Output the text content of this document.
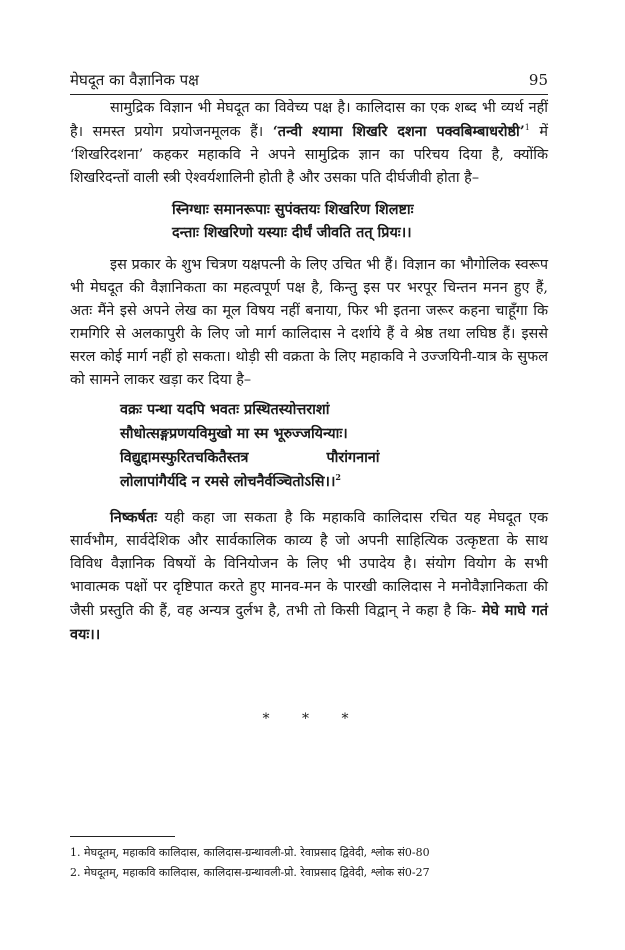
मेघदूत का वैज्ञानिक पक्ष	95

सामुद्रिक विज्ञान भी मेघदूत का विवेच्य पक्ष है। कालिदास का एक शब्द भी व्यर्थ नहीं है। समस्त प्रयोग प्रयोजनमूलक हैं। ‘तन्वी श्यामा शिखरि दशना पक्वबिम्बाधरोष्ठी’$^1$ में ‘शिखरिदशना’ कहकर महाकवि ने अपने सामुद्रिक ज्ञान का परिचय दिया है, क्योंकि शिखरिदन्तों वाली स्त्री ऐश्वर्यशालिनी होती है और उसका पति दीर्घजीवी होता है–

स्निग्धाः समानरूपाः सुपंक्तयः शिखरिण शिलष्टाः
दन्ताः शिखरिणो यस्याः दीर्घं जीवति तत् प्रियः।।

इस प्रकार के शुभ चित्रण यक्षपत्नी के लिए उचित भी हैं। विज्ञान का भौगोलिक स्वरूप भी मेघदूत की वैज्ञानिकता का महत्वपूर्ण पक्ष है, किन्तु इस पर भरपूर चिन्तन मनन हुए हैं, अतः मैंने इसे अपने लेख का मूल विषय नहीं बनाया, फिर भी इतना जरूर कहना चाहूँगा कि रामगिरि से अलकापुरी के लिए जो मार्ग कालिदास ने दर्शाये हैं वे श्रेष्ठ तथा लघिष्ठ हैं। इससे सरल कोई मार्ग नहीं हो सकता। थोड़ी सी वक्रता के लिए महाकवि ने उज्जयिनी-यात्र के सुफल को सामने लाकर खड़ा कर दिया है–

वक्रः पन्था यदपि भवतः प्रस्थितस्योत्तराशां
सौधोत्सङ्गप्रणयविमुखो मा स्म भूरुज्जयिन्याः।
विद्युद्दामस्फुरितचकितैस्तत्र	पौरांगनानां
लोलापांगैर्यदि न रमसे लोचनैर्वञ्चितोऽसि।।$^2$

निष्कर्षतः यही कहा जा सकता है कि महाकवि कालिदास रचित यह मेघदूत एक सार्वभौम, सार्वदेशिक और सार्वकालिक काव्य है जो अपनी साहित्यिक उत्कृष्टता के साथ विविध वैज्ञानिक विषयों के विनियोजन के लिए भी उपादेय है। संयोग वियोग के सभी भावात्मक पक्षों पर दृष्टिपात करते हुए मानव-मन के पारखी कालिदास ने मनोवैज्ञानिकता की जैसी प्रस्तुति की हैं, वह अन्यत्र दुर्लभ है, तभी तो किसी विद्वान् ने कहा है कि- मेघे माघे गतं वयः।।

* * *
1. मेघदूतम्, महाकवि कालिदास, कालिदास-ग्रन्थावली-प्रो. रेवाप्रसाद द्विवेदी, श्लोक सं0-80
2. मेघदूतम्, महाकवि कालिदास, कालिदास-ग्रन्थावली-प्रो. रेवाप्रसाद द्विवेदी, श्लोक सं0-27
